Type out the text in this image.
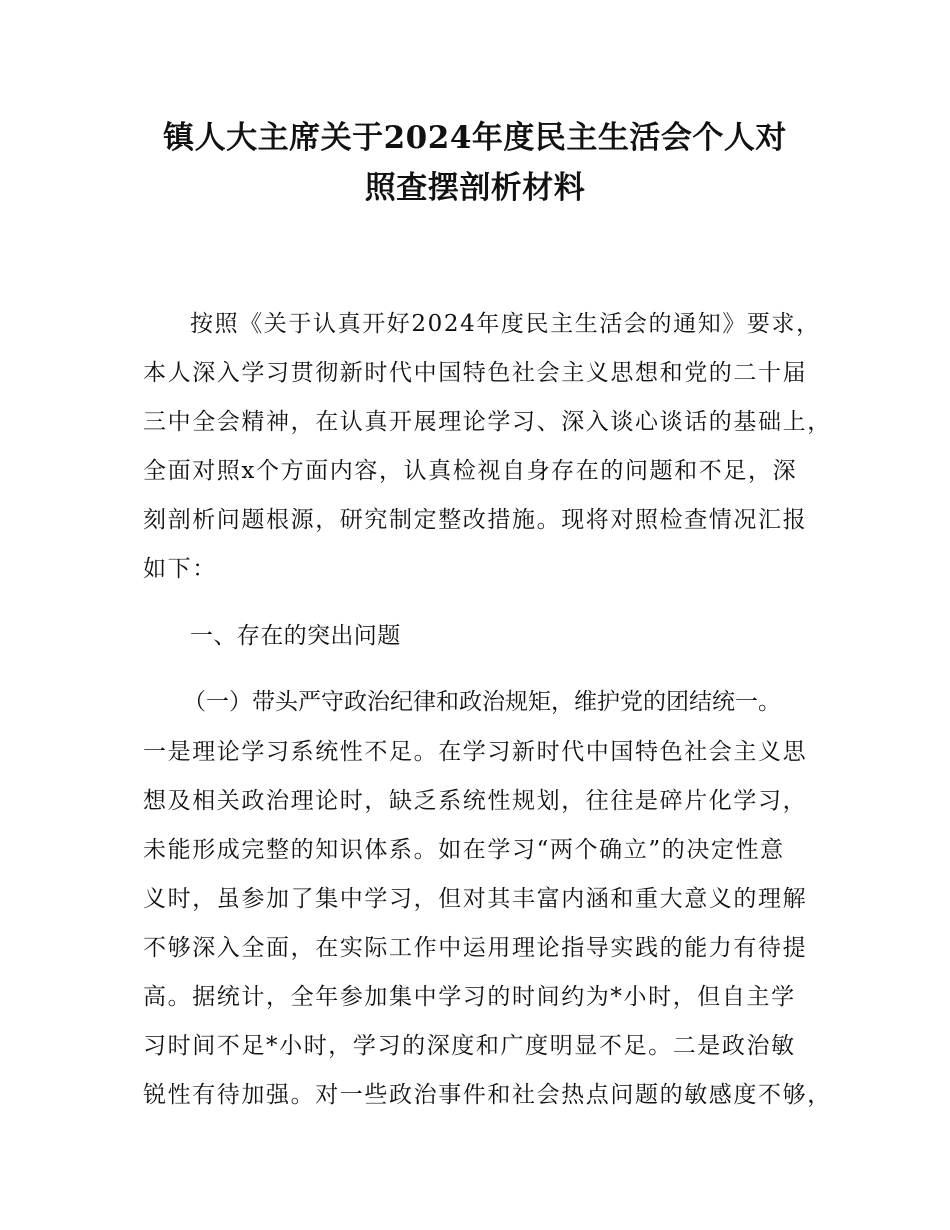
镇人大主席关于2024年度民主生活会个人对
照查摆剖析材料
按照《关于认真开好2024年度民主生活会的通知》要求，
本人深入学习贯彻新时代中国特色社会主义思想和党的二十届
三中全会精神，在认真开展理论学习、深入谈心谈话的基础上，
全面对照x个方面内容，认真检视自身存在的问题和不足，深
刻剖析问题根源，研究制定整改措施。现将对照检查情况汇报
如下：
一、存在的突出问题
（一）带头严守政治纪律和政治规矩，维护党的团结统一。
一是理论学习系统性不足。在学习新时代中国特色社会主义思
想及相关政治理论时，缺乏系统性规划，往往是碎片化学习，
未能形成完整的知识体系。如在学习“两个确立”的决定性意
义时，虽参加了集中学习，但对其丰富内涵和重大意义的理解
不够深入全面，在实际工作中运用理论指导实践的能力有待提
高。据统计，全年参加集中学习的时间约为*小时，但自主学
习时间不足*小时，学习的深度和广度明显不足。二是政治敏
锐性有待加强。对一些政治事件和社会热点问题的敏感度不够，
